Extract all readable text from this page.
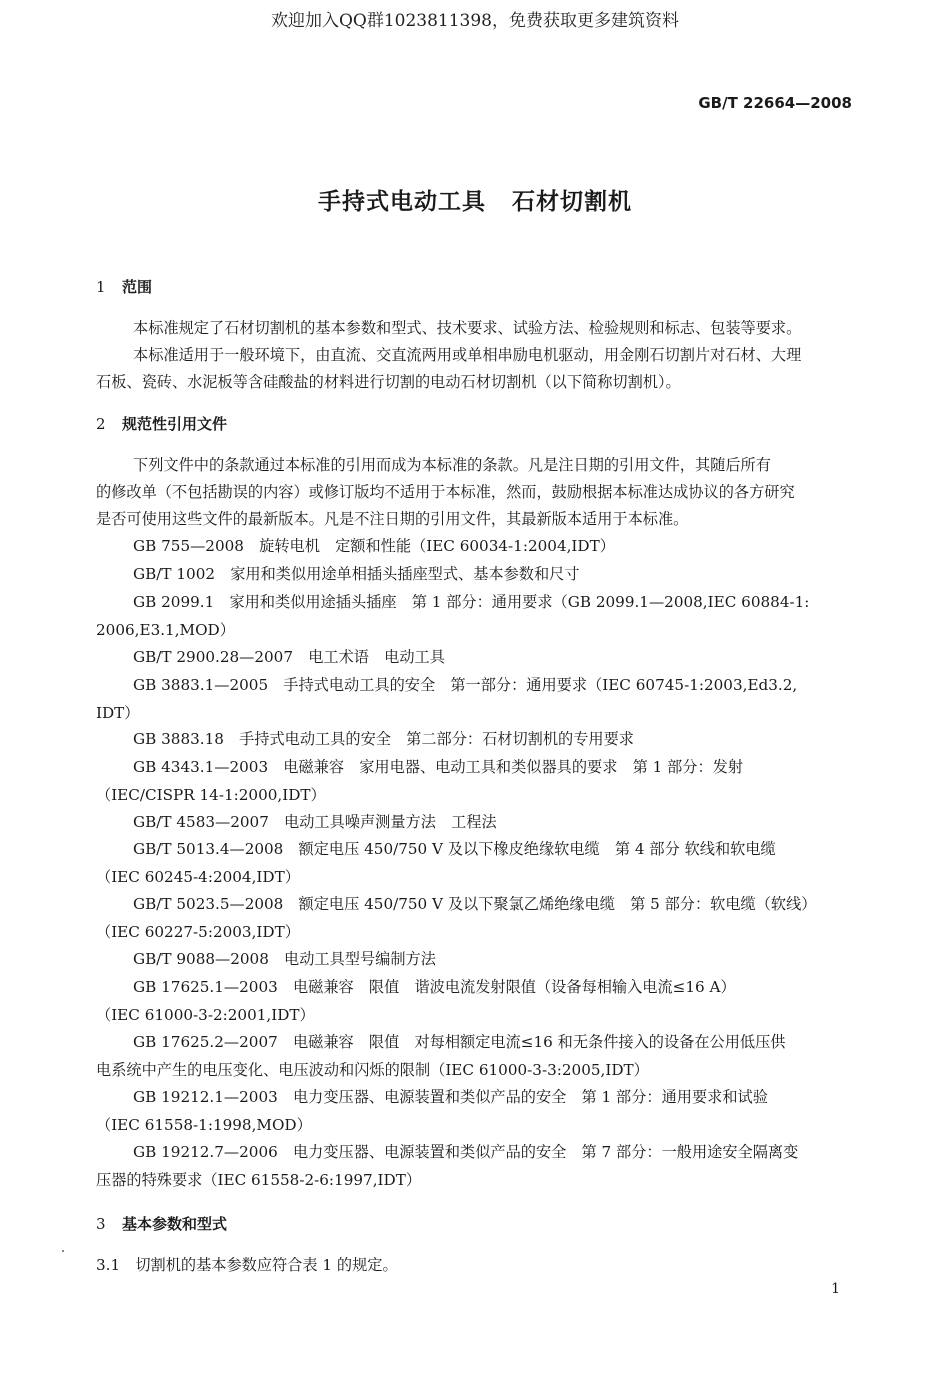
欢迎加入QQ群1023811398，免费获取更多建筑资料
GB/T 22664—2008
手持式电动工具 石材切割机
1 范围
本标准规定了石材切割机的基本参数和型式、技术要求、试验方法、检验规则和标志、包装等要求。
本标准适用于一般环境下，由直流、交直流两用或单相串励电机驱动，用金刚石切割片对石材、大理
石板、瓷砖、水泥板等含硅酸盐的材料进行切割的电动石材切割机（以下简称切割机）。
2 规范性引用文件
下列文件中的条款通过本标准的引用而成为本标准的条款。凡是注日期的引用文件，其随后所有
的修改单（不包括勘误的内容）或修订版均不适用于本标准，然而，鼓励根据本标准达成协议的各方研究
是否可使用这些文件的最新版本。凡是不注日期的引用文件，其最新版本适用于本标准。
GB 755—2008　旋转电机　定额和性能（IEC 60034-1:2004,IDT）
GB/T 1002　家用和类似用途单相插头插座型式、基本参数和尺寸
GB 2099.1　家用和类似用途插头插座　第 1 部分：通用要求（GB 2099.1—2008,IEC 60884-1:
2006,E3.1,MOD）
GB/T 2900.28—2007　电工术语　电动工具
GB 3883.1—2005　手持式电动工具的安全　第一部分：通用要求（IEC 60745-1:2003,Ed3.2,
IDT）
GB 3883.18　手持式电动工具的安全　第二部分：石材切割机的专用要求
GB 4343.1—2003　电磁兼容　家用电器、电动工具和类似器具的要求　第 1 部分：发射
（IEC/CISPR 14-1:2000,IDT）
GB/T 4583—2007　电动工具噪声测量方法　工程法
GB/T 5013.4—2008　额定电压 450/750 V 及以下橡皮绝缘软电缆　第 4 部分 软线和软电缆
（IEC 60245-4:2004,IDT）
GB/T 5023.5—2008　额定电压 450/750 V 及以下聚氯乙烯绝缘电缆　第 5 部分：软电缆（软线）
（IEC 60227-5:2003,IDT）
GB/T 9088—2008　电动工具型号编制方法
GB 17625.1—2003　电磁兼容　限值　谐波电流发射限值（设备每相输入电流≤16 A）
（IEC 61000-3-2:2001,IDT）
GB 17625.2—2007　电磁兼容　限值　对每相额定电流≤16 和无条件接入的设备在公用低压供
电系统中产生的电压变化、电压波动和闪烁的限制（IEC 61000-3-3:2005,IDT）
GB 19212.1—2003　电力变压器、电源装置和类似产品的安全　第 1 部分：通用要求和试验
（IEC 61558-1:1998,MOD）
GB 19212.7—2006　电力变压器、电源装置和类似产品的安全　第 7 部分：一般用途安全隔离变
压器的特殊要求（IEC 61558-2-6:1997,IDT）
3 基本参数和型式
3.1　切割机的基本参数应符合表 1 的规定。
1
